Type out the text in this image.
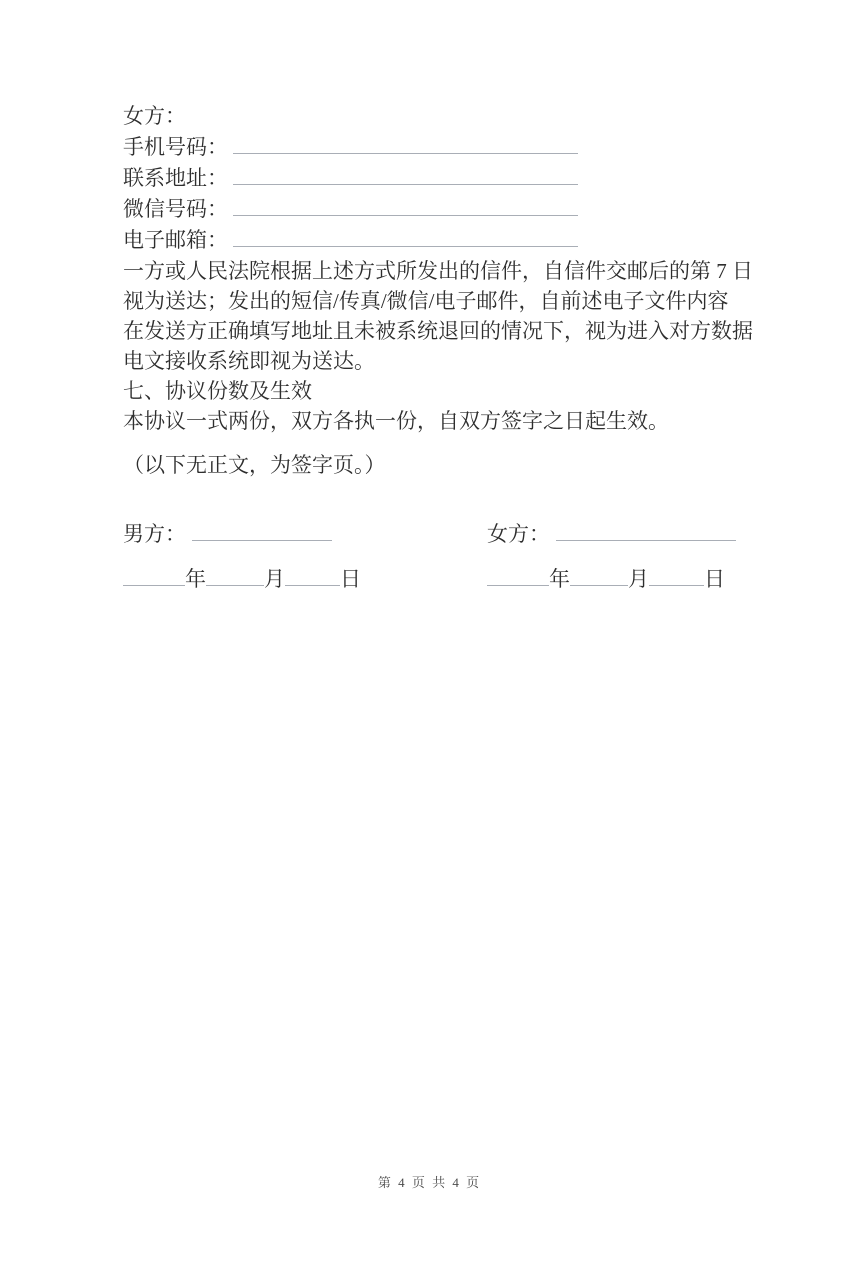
女方：
手机号码：
联系地址：
微信号码：
电子邮箱：
一方或人民法院根据上述方式所发出的信件，自信件交邮后的第 7 日
视为送达；发出的短信/传真/微信/电子邮件，自前述电子文件内容
在发送方正确填写地址且未被系统退回的情况下，视为进入对方数据
电文接收系统即视为送达。
七、协议份数及生效
本协议一式两份，双方各执一份，自双方签字之日起生效。
（以下无正文，为签字页。）
男方：	女方：
年	月	日	年	月	日
第 4 页 共 4 页
